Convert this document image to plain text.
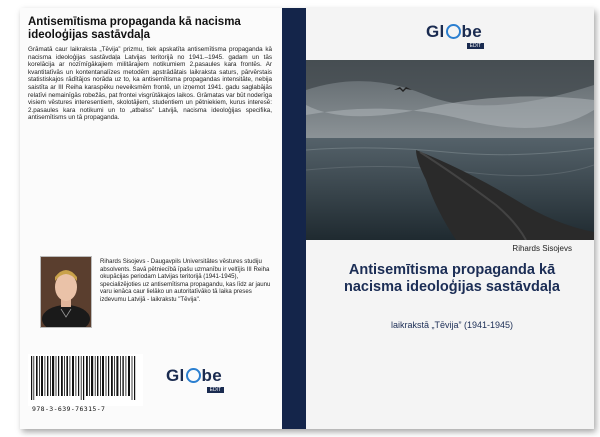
Antisemītisma propaganda kā nacisma ideoloģijas sastāvdaļa
Grāmatā caur laikraksta „Tēvija” prizmu, tiek apskatīta antisemītisma propaganda kā nacisma ideoloģijas sastāvdaļa Latvijas teritorijā no 1941.–1945. gadam un tās korelācija ar nozīmīgākajiem militārajiem notikumiem 2.pasaules kara frontēs. Ar kvantitatīvās un kontentanalīzes metodēm apstrādātais laikraksta saturs, pārvērstais statistiskajos rādītājos norāda uz to, ka antisemītisma propagandas intensitāte, nebija saistīta ar III Reiha karaspēku neveiksmēm frontē, un izņemot 1941. gadu saglabājās relatīvi nemainīgās robežās, pat frontei visgrūtākajos laikos. Grāmatas var būt noderīga visiem vēstures interesentiem, skolotājiem, studentiem un pētniekiem, kurus interesē: 2.pasaules kara notikumi un to „atbalss” Latvijā, nacisma ideoloģijas specifika, antisemītisms un tā propaganda.
Rihards Sisojevs - Daugavpils Universitātes vēstures studiju absolvents. Savā pētniecībā īpašu uzmanību ir veltījis III Reiha okupācijas periodam Latvijas teritorijā (1941-1945), specializējoties uz antisemītisma propagandu, kas līdz ar jaunu varu ienāca caur lielāko un autoritatīvāko tā laika preses izdevumu Latvijā - laikrakstu "Tēvija".
Gl be
EDIT
978-3-639-76315-7
Gl be
EDIT
Rihards Sisojevs
Antisemītisma propaganda kā nacisma ideoloģijas sastāvdaļa
laikrakstā „Tēvija” (1941-1945)
